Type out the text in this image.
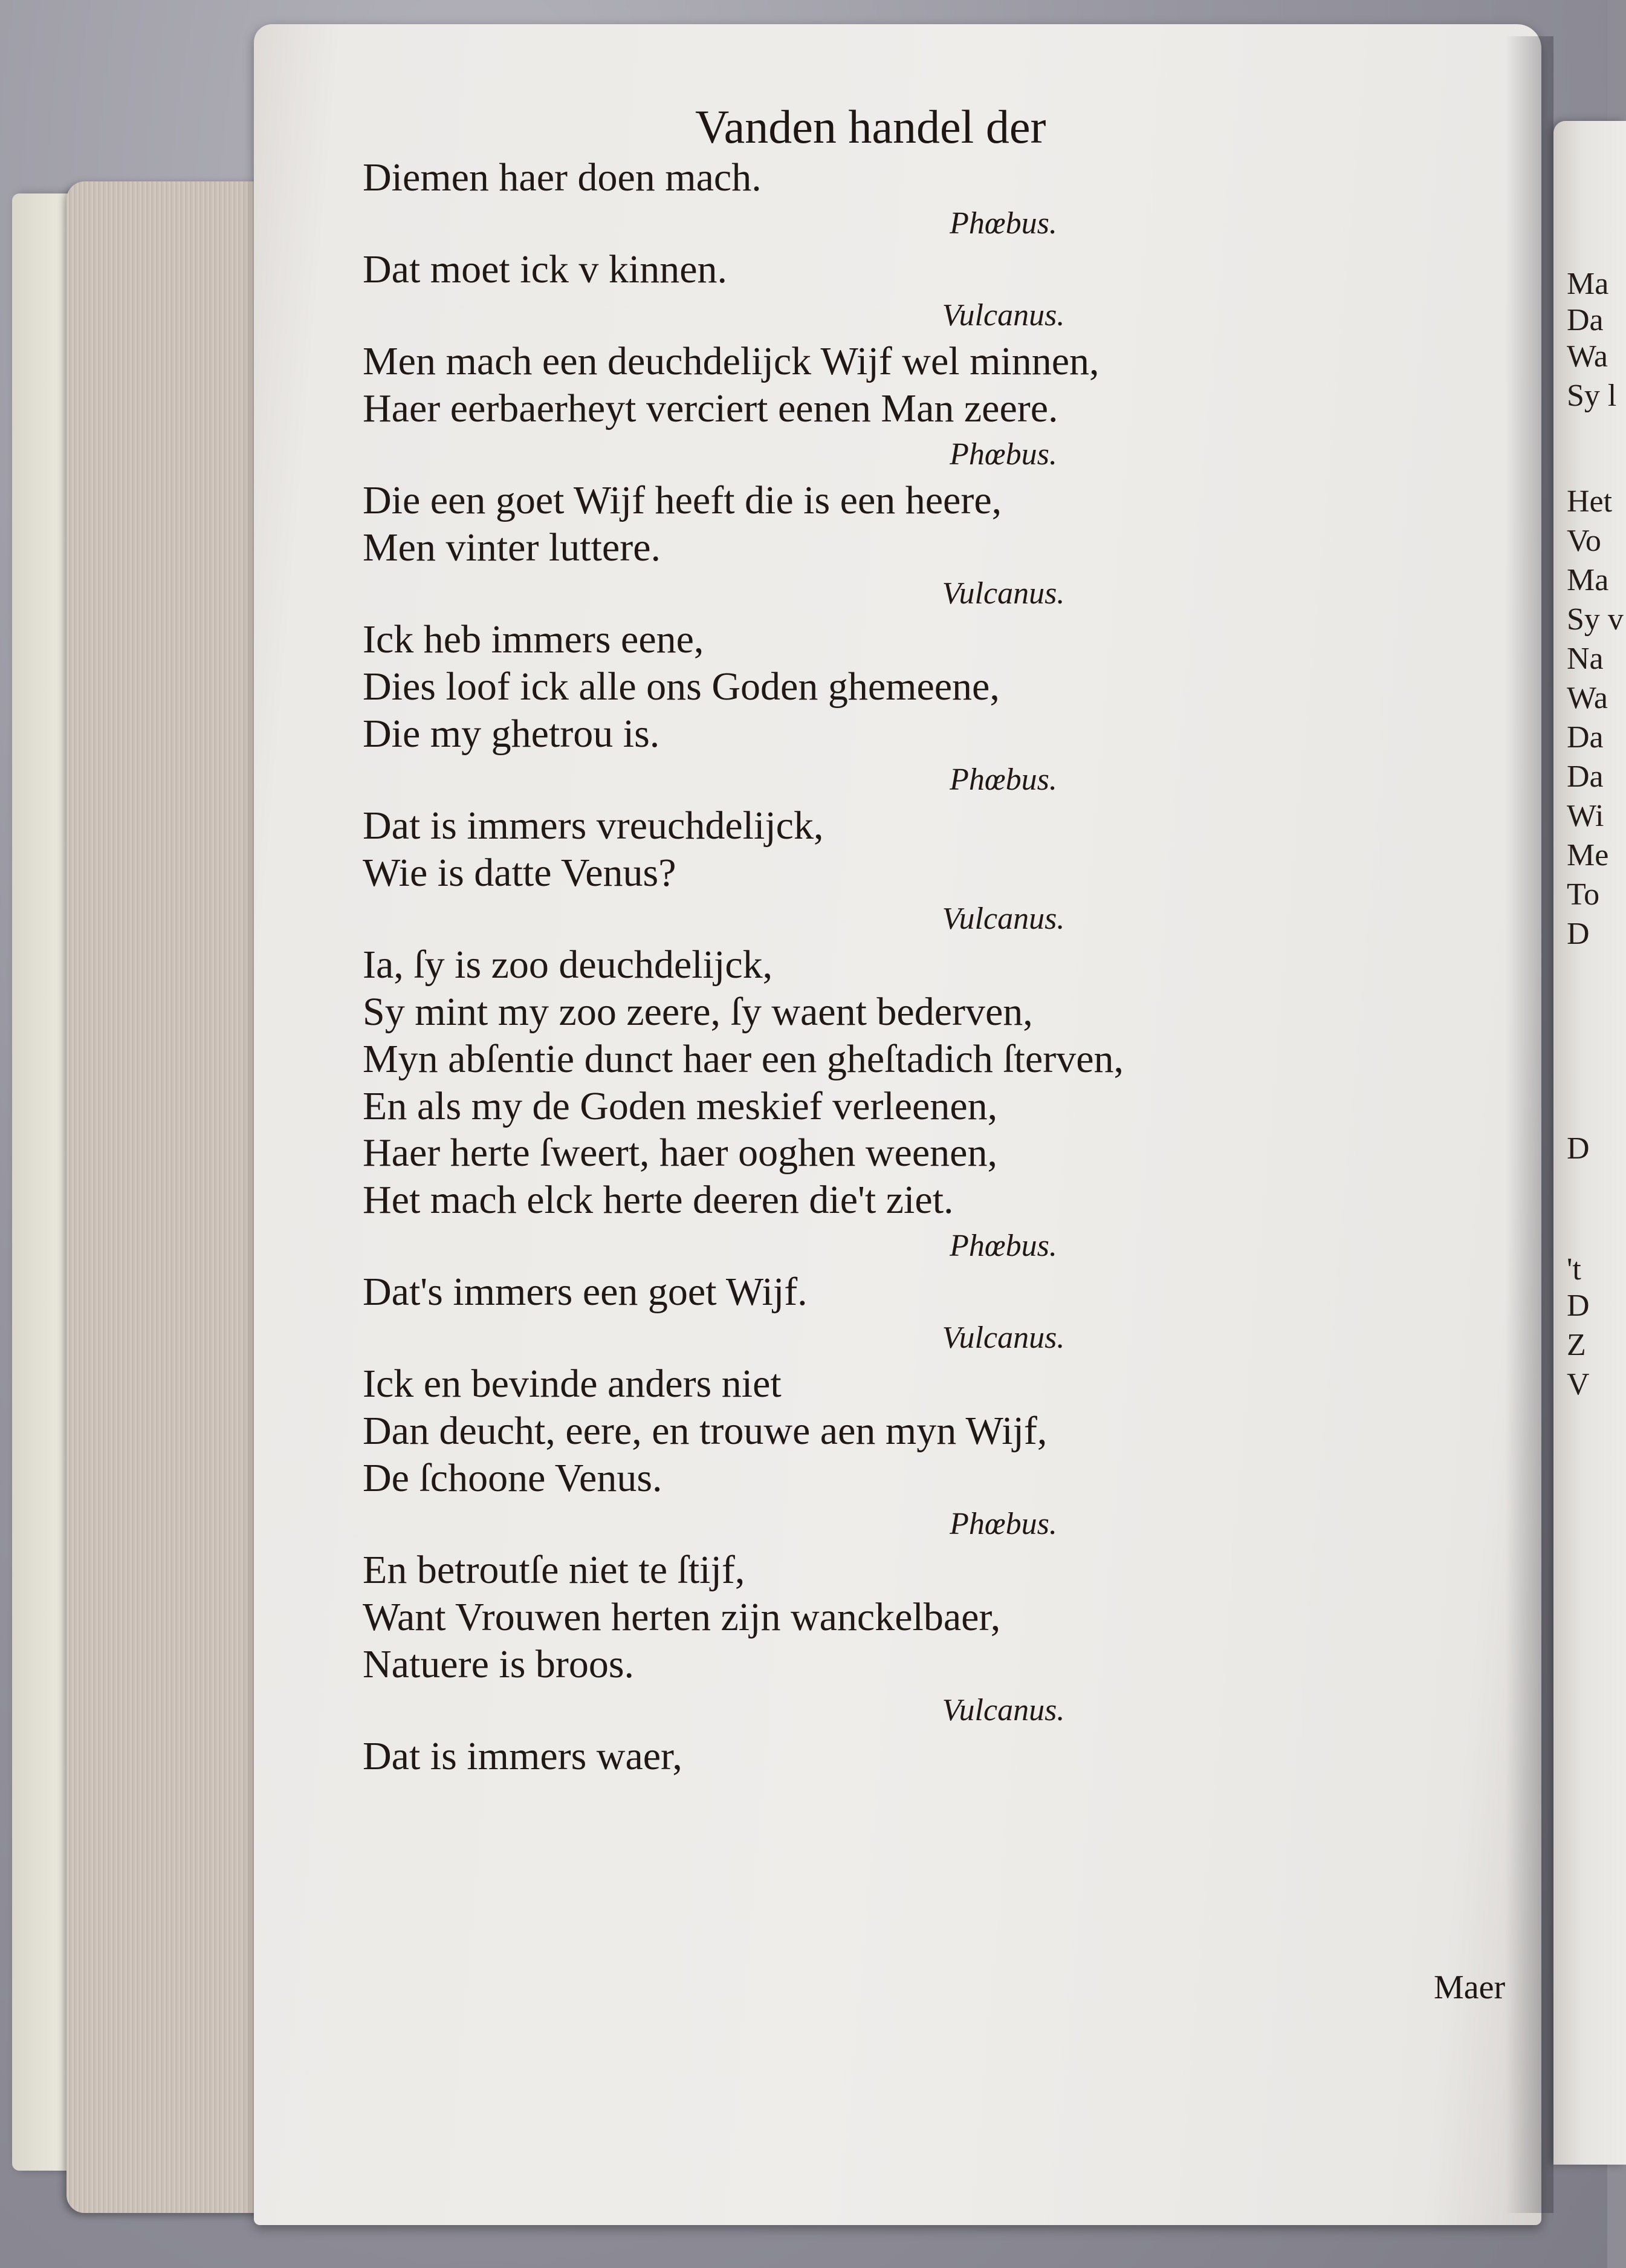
Ma
Da
Wa
Sy l
Het
Vo
Ma
Sy v
Na
Wa
Da
Da
Wi
Me
To
D
D
't
D
Z
V
Vanden handel der
Diemen haer doen mach.
Phœbus.
Dat moet ick v kinnen.
Vulcanus.
Men mach een deuchdelijck Wijf wel minnen,
Haer eerbaerheyt verciert eenen Man zeere.
Phœbus.
Die een goet Wijf heeft die is een heere,
Men vinter luttere.
Vulcanus.
Ick heb immers eene,
Dies loof ick alle ons Goden ghemeene,
Die my ghetrou is.
Phœbus.
Dat is immers vreuchdelijck,
Wie is datte Venus?
Vulcanus.
Ia, ſy is zoo deuchdelijck,
Sy mint my zoo zeere, ſy waent bederven,
Myn abſentie dunct haer een gheſtadich ſterven,
En als my de Goden meskief verleenen,
Haer herte ſweert, haer ooghen weenen,
Het mach elck herte deeren die't ziet.
Phœbus.
Dat's immers een goet Wijf.
Vulcanus.
Ick en bevinde anders niet
Dan deucht, eere, en trouwe aen myn Wijf,
De ſchoone Venus.
Phœbus.
En betroutſe niet te ſtijf,
Want Vrouwen herten zijn wanckelbaer,
Natuere is broos.
Vulcanus.
Dat is immers waer,
Maer
